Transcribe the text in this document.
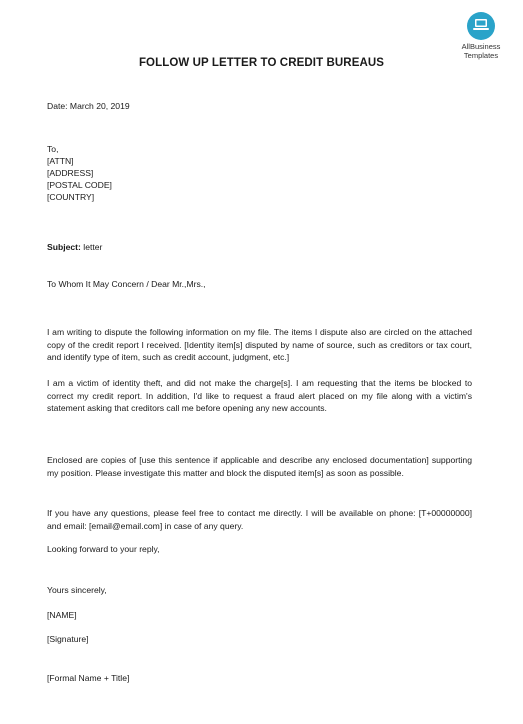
AllBusiness
Templates
FOLLOW UP LETTER TO CREDIT BUREAUS
Date: March 20, 2019
To,
[ATTN]
[ADDRESS]
[POSTAL CODE]
[COUNTRY]
Subject: letter
To Whom It May Concern / Dear Mr.,Mrs.,
I am writing to dispute the following information on my file. The items I dispute also are circled on the attached copy of the credit report I received. [Identity item[s] disputed by name of source, such as creditors or tax court, and identify type of item, such as credit account, judgment, etc.]
I am a victim of identity theft, and did not make the charge[s]. I am requesting that the items be blocked to correct my credit report. In addition, I'd like to request a fraud alert placed on my file along with a victim's statement asking that creditors call me before opening any new accounts.
Enclosed are copies of [use this sentence if applicable and describe any enclosed documentation] supporting my position. Please investigate this matter and block the disputed item[s] as soon as possible.
If you have any questions, please feel free to contact me directly. I will be available on phone: [T+00000000] and email: [email@email.com] in case of any query.
Looking forward to your reply,
Yours sincerely,
[NAME]
[Signature]
[Formal Name + Title]
